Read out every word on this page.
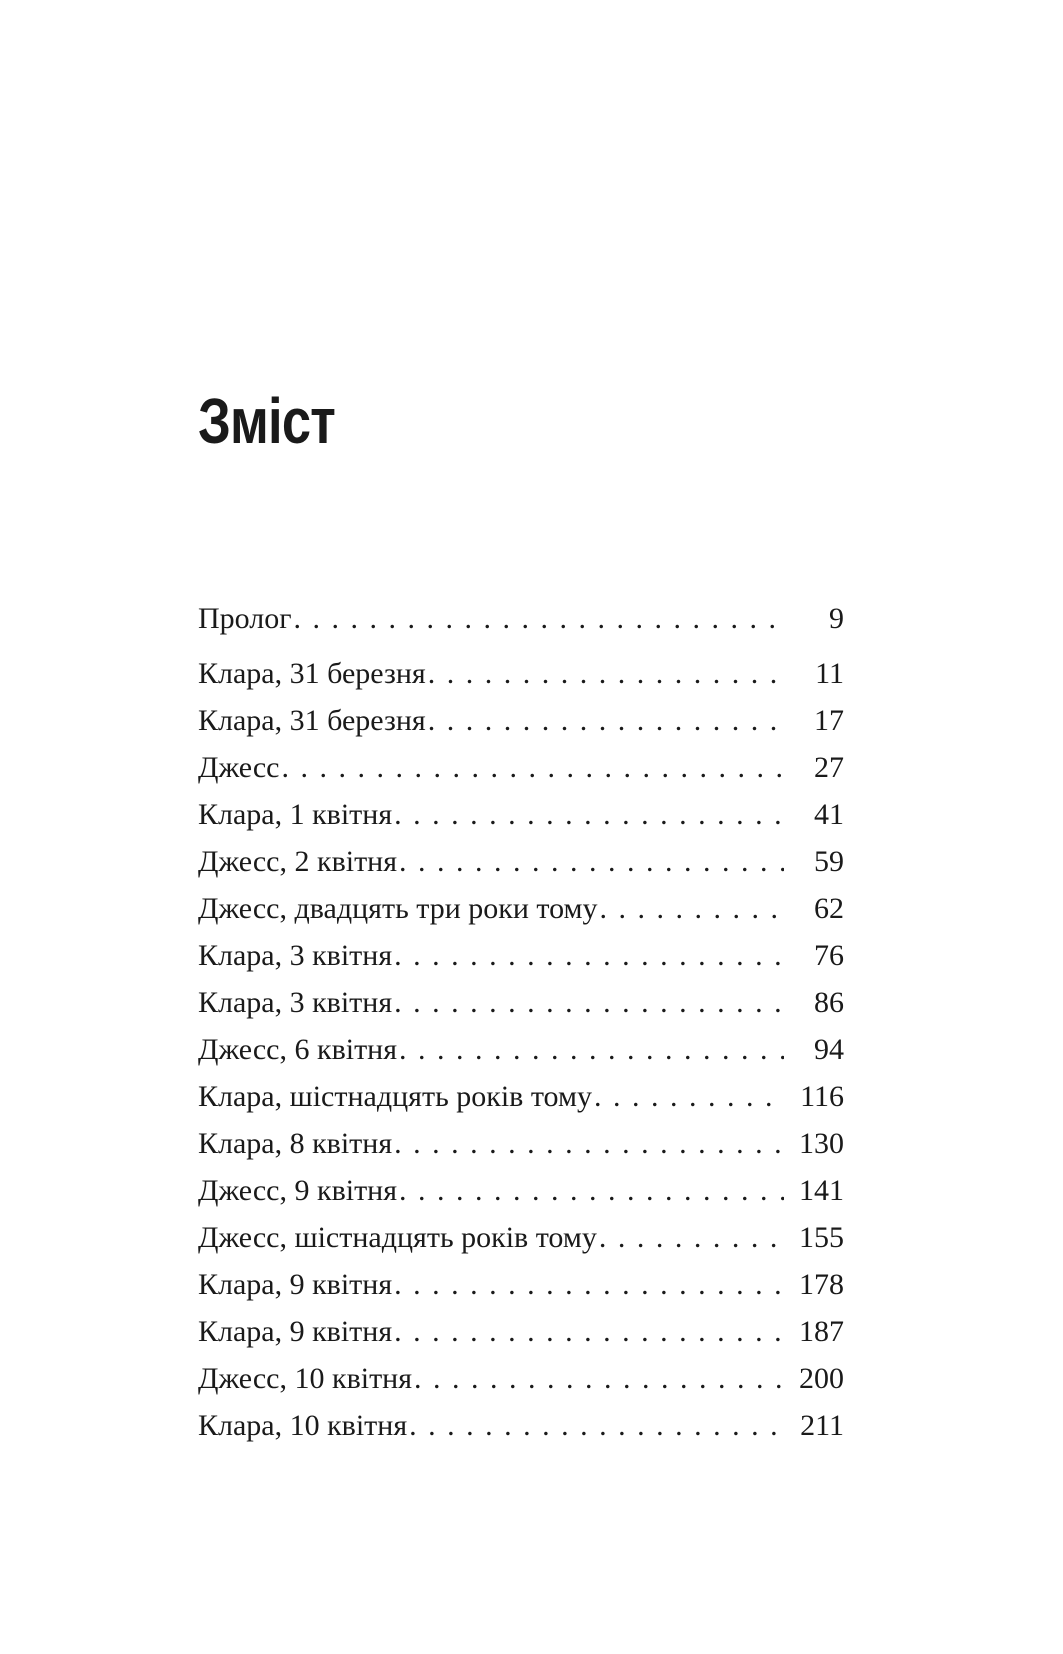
Зміст
Пролог . . .	9
Клара, 31 березня . . .	11
Клара, 31 березня . . .	17
Джесс . . .	27
Клара, 1 квітня . . .	41
Джесс, 2 квітня . . .	59
Джесс, двадцять три роки тому . . .	62
Клара, 3 квітня . . .	76
Клара, 3 квітня . . .	86
Джесс, 6 квітня . . .	94
Клара, шістнадцять років тому . . .	116
Клара, 8 квітня . . .	130
Джесс, 9 квітня . . .	141
Джесс, шістнадцять років тому . . .	155
Клара, 9 квітня . . .	178
Клара, 9 квітня . . .	187
Джесс, 10 квітня . . .	200
Клара, 10 квітня . . .	211
